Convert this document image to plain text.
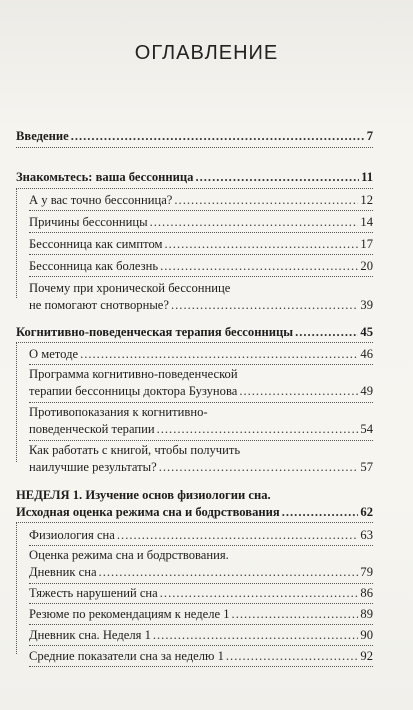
ОГЛАВЛЕНИЕ
Введение .....	7
Знакомьтесь: ваша бессонница .....	11
А у вас точно бессонница? .....	12
Причины бессонницы .....	14
Бессонница как симптом .....	17
Бессонница как болезнь .....	20
Почему при хронической бессоннице
не помогают снотворные? .....	39
Когнитивно-поведенческая терапия бессонницы .....	45
О методе .....	46
Программа когнитивно-поведенческой
терапии бессонницы доктора Бузунова .....	49
Противопоказания к когнитивно-
поведенческой терапии .....	54
Как работать с книгой, чтобы получить
наилучшие результаты? .....	57
НЕДЕЛЯ 1. Изучение основ физиологии сна.
Исходная оценка режима сна и бодрствования .....	62
Физиология сна .....	63
Оценка режима сна и бодрствования.
Дневник сна .....	79
Тяжесть нарушений сна .....	86
Резюме по рекомендациям к неделе 1 .....	89
Дневник сна. Неделя 1 .....	90
Средние показатели сна за неделю 1 .....	92
